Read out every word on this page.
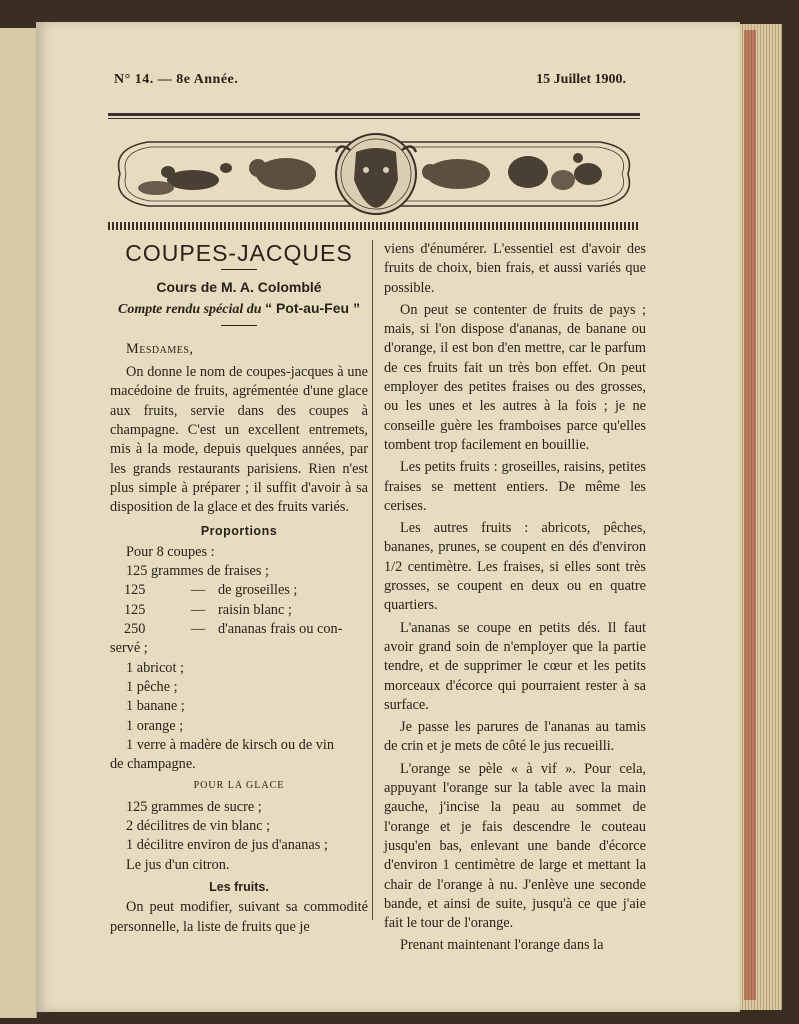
N° 14. — 8e Année.	15 Juillet 1900.
COUPES-JACQUES
Cours de M. A. Colomblé
Compte rendu spécial du “ Pot-au-Feu ”
Mesdames,

On donne le nom de coupes-jacques à une macédoine de fruits, agrémentée d'une glace aux fruits, servie dans des coupes à champagne. C'est un excellent entremets, mis à la mode, depuis quelques années, par les grands restaurants parisiens. Rien n'est plus simple à préparer ; il suffit d'avoir à sa disposition de la glace et des fruits variés.

Proportions
Pour 8 coupes :
125 grammes de fraises ;
125	— de groseilles ;
125	— raisin blanc ;
250	— d'ananas frais ou con-
servé ;
1 abricot ;
1 pêche ;
1 banane ;
1 orange ;
1 verre à madère de kirsch ou de vin
de champagne.
POUR LA GLACE
125 grammes de sucre ;
2 décilitres de vin blanc ;
1 décilitre environ de jus d'ananas ;
Le jus d'un citron.
Les fruits.

On peut modifier, suivant sa commodité personnelle, la liste de fruits que je

viens d'énumérer. L'essentiel est d'avoir des fruits de choix, bien frais, et aussi variés que possible.

On peut se contenter de fruits de pays ; mais, si l'on dispose d'ananas, de banane ou d'orange, il est bon d'en mettre, car le parfum de ces fruits fait un très bon effet. On peut employer des petites fraises ou des grosses, ou les unes et les autres à la fois ; je ne conseille guère les framboises parce qu'elles tombent trop facilement en bouillie.

Les petits fruits : groseilles, raisins, petites fraises se mettent entiers. De même les cerises.

Les autres fruits : abricots, pêches, bananes, prunes, se coupent en dés d'environ 1/2 centimètre. Les fraises, si elles sont très grosses, se coupent en deux ou en quatre quartiers.

L'ananas se coupe en petits dés. Il faut avoir grand soin de n'employer que la partie tendre, et de supprimer le cœur et les petits morceaux d'écorce qui pourraient rester à sa surface.

Je passe les parures de l'ananas au tamis de crin et je mets de côté le jus recueilli.

L'orange se pèle « à vif ». Pour cela, appuyant l'orange sur la table avec la main gauche, j'incise la peau au sommet de l'orange et je fais descendre le couteau jusqu'en bas, enlevant une bande d'écorce d'environ 1 centimètre de large et mettant la chair de l'orange à nu. J'enlève une seconde bande, et ainsi de suite, jusqu'à ce que j'aie fait le tour de l'orange.

Prenant maintenant l'orange dans la
